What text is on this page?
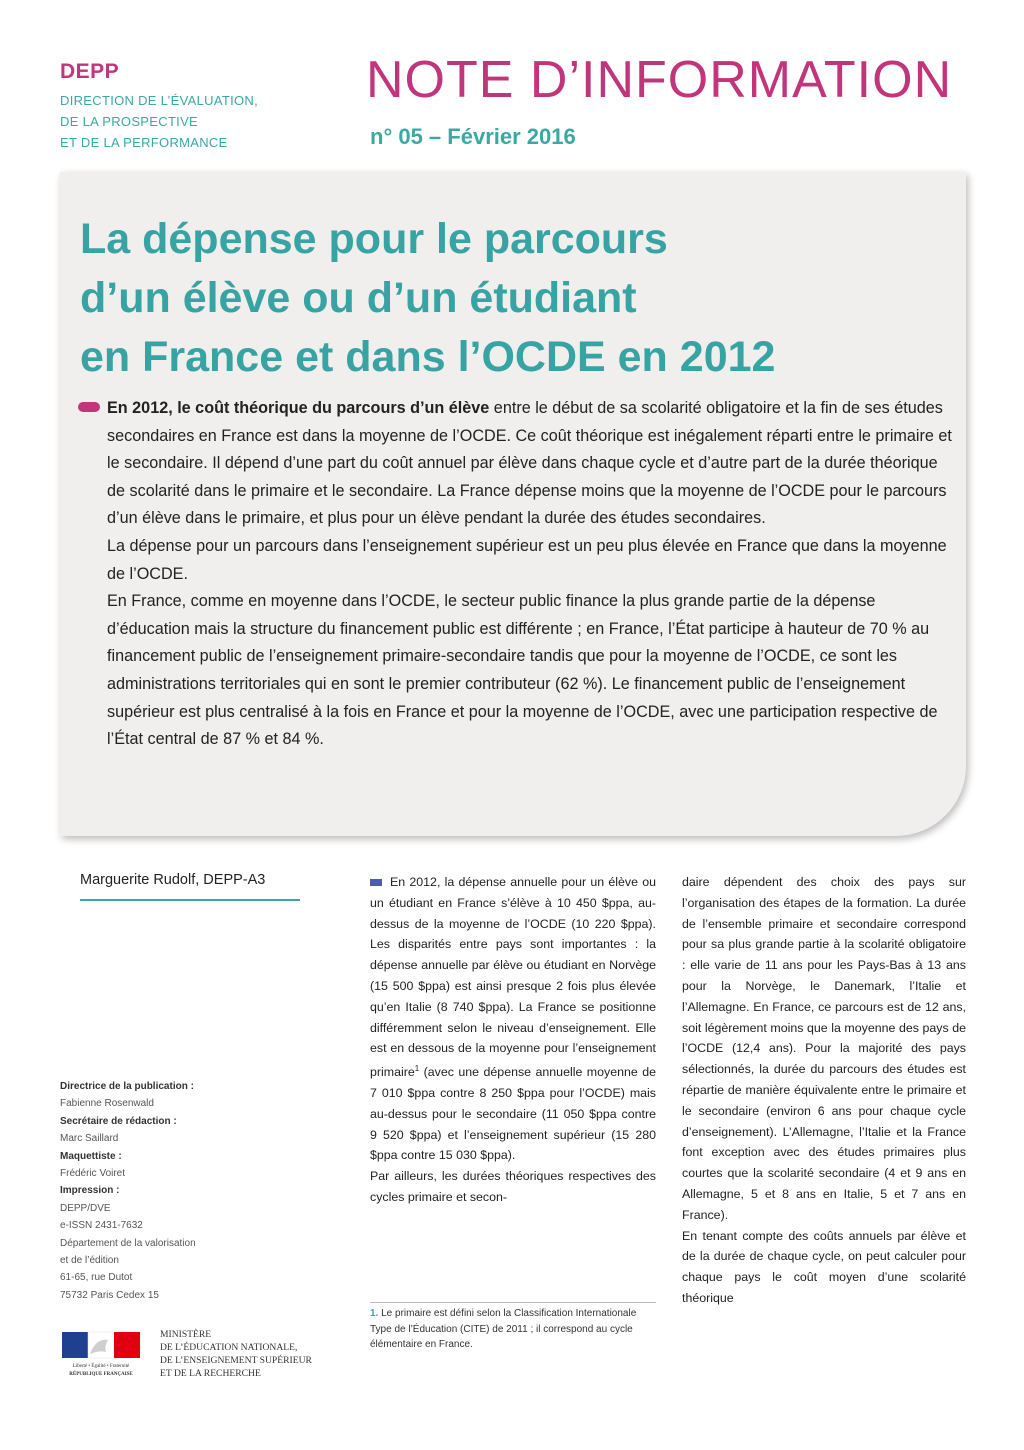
DEPP
DIRECTION DE L’ÉVALUATION,
DE LA PROSPECTIVE
ET DE LA PERFORMANCE
NOTE D’INFORMATION
n° 05 – Février 2016
La dépense pour le parcours
d’un élève ou d’un étudiant
en France et dans l’OCDE en 2012
En 2012, le coût théorique du parcours d’un élève entre le début de sa scolarité obligatoire et la fin de ses études secondaires en France est dans la moyenne de l’OCDE. Ce coût théorique est inégalement réparti entre le primaire et le secondaire. Il dépend d’une part du coût annuel par élève dans chaque cycle et d’autre part de la durée théorique de scolarité dans le primaire et le secondaire. La France dépense moins que la moyenne de l’OCDE pour le parcours d’un élève dans le primaire, et plus pour un élève pendant la durée des études secondaires.
La dépense pour un parcours dans l’enseignement supérieur est un peu plus élevée en France que dans la moyenne de l’OCDE.
En France, comme en moyenne dans l’OCDE, le secteur public finance la plus grande partie de la dépense d’éducation mais la structure du financement public est différente ; en France, l’État participe à hauteur de 70 % au financement public de l’enseignement primaire-secondaire tandis que pour la moyenne de l’OCDE, ce sont les administrations territoriales qui en sont le premier contributeur (62 %). Le financement public de l’enseignement supérieur est plus centralisé à la fois en France et pour la moyenne de l’OCDE, avec une participation respective de l’État central de 87 % et 84 %.
Marguerite Rudolf, DEPP-A3
Directrice de la publication :
Fabienne Rosenwald
Secrétaire de rédaction :
Marc Saillard
Maquettiste :
Frédéric Voiret
Impression :
DEPP/DVE
e-ISSN 2431-7632
Département de la valorisation
et de l’édition
61-65, rue Dutot
75732 Paris Cedex 15
Liberté • Égalité • Fraternité
RÉPUBLIQUE FRANÇAISE
MINISTÈRE
DE L’ÉDUCATION NATIONALE,
DE L’ENSEIGNEMENT SUPÉRIEUR
ET DE LA RECHERCHE

En 2012, la dépense annuelle pour un élève ou un étudiant en France s’élève à 10 450 $ppa, au-dessus de la moyenne de l’OCDE (10 220 $ppa). Les disparités entre pays sont importantes : la dépense annuelle par élève ou étudiant en Norvège (15 500 $ppa) est ainsi presque 2 fois plus élevée qu’en Italie (8 740 $ppa). La France se positionne différemment selon le niveau d’enseignement. Elle est en dessous de la moyenne pour l’enseignement primaire$^1$ (avec une dépense annuelle moyenne de 7 010 $ppa contre 8 250 $ppa pour l’OCDE) mais au-dessus pour le secondaire (11 050 $ppa contre 9 520 $ppa) et l’enseignement supérieur (15 280 $ppa contre 15 030 $ppa).

Par ailleurs, les durées théoriques respectives des cycles primaire et secon-

1. Le primaire est défini selon la Classification Internationale Type de l’Éducation (CITE) de 2011 ; il correspond au cycle élémentaire en France.

daire dépendent des choix des pays sur l’organisation des étapes de la formation. La durée de l’ensemble primaire et secondaire correspond pour sa plus grande partie à la scolarité obligatoire : elle varie de 11 ans pour les Pays-Bas à 13 ans pour la Norvège, le Danemark, l’Italie et l’Allemagne. En France, ce parcours est de 12 ans, soit légèrement moins que la moyenne des pays de l’OCDE (12,4 ans). Pour la majorité des pays sélectionnés, la durée du parcours des études est répartie de manière équivalente entre le primaire et le secondaire (environ 6 ans pour chaque cycle d’enseignement). L’Allemagne, l’Italie et la France font exception avec des études primaires plus courtes que la scolarité secondaire (4 et 9 ans en Allemagne, 5 et 8 ans en Italie, 5 et 7 ans en France).

En tenant compte des coûts annuels par élève et de la durée de chaque cycle, on peut calculer pour chaque pays le coût moyen d’une scolarité théorique
